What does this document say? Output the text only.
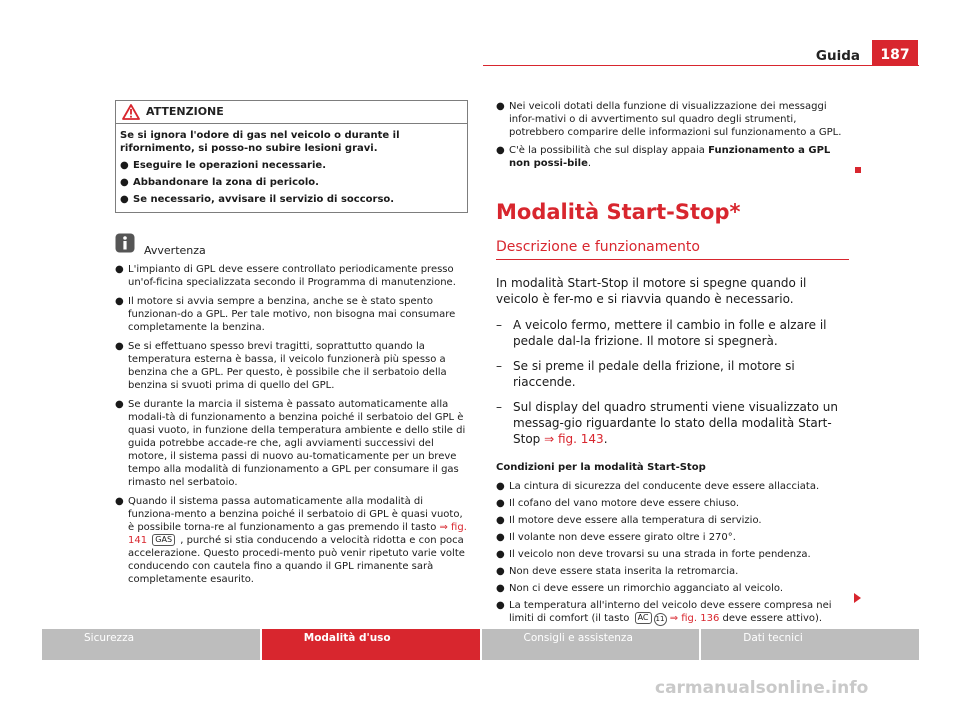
Guida	187
ATTENZIONE

Se si ignora l'odore di gas nel veicolo o durante il rifornimento, si posso-no subire lesioni gravi.

● Eseguire le operazioni necessarie.
● Abbandonare la zona di pericolo.
● Se necessario, avvisare il servizio di soccorso.
Avvertenza
● L'impianto di GPL deve essere controllato periodicamente presso un'of-ficina specializzata secondo il Programma di manutenzione.
● Il motore si avvia sempre a benzina, anche se è stato spento funzionan-do a GPL. Per tale motivo, non bisogna mai consumare completamente la benzina.
● Se si effettuano spesso brevi tragitti, soprattutto quando la temperatura esterna è bassa, il veicolo funzionerà più spesso a benzina che a GPL. Per questo, è possibile che il serbatoio della benzina si svuoti prima di quello del GPL.
● Se durante la marcia il sistema è passato automaticamente alla modali-tà di funzionamento a benzina poiché il serbatoio del GPL è quasi vuoto, in funzione della temperatura ambiente e dello stile di guida potrebbe accade-re che, agli avviamenti successivi del motore, il sistema passi di nuovo au-tomaticamente per un breve tempo alla modalità di funzionamento a GPL per consumare il gas rimasto nel serbatoio.
● Quando il sistema passa automaticamente alla modalità di funziona-mento a benzina poiché il serbatoio di GPL è quasi vuoto, è possibile torna-re al funzionamento a gas premendo il tasto ⇒ fig. 141 GAS , purché si stia conducendo a velocità ridotta e con poca accelerazione. Questo procedi-mento può venir ripetuto varie volte conducendo con cautela fino a quando il GPL rimanente sarà completamente esaurito.
● Nei veicoli dotati della funzione di visualizzazione dei messaggi infor-mativi o di avvertimento sul quadro degli strumenti, potrebbero comparire delle informazioni sul funzionamento a GPL.
● C'è la possibilità che sul display appaia Funzionamento a GPL non possi-bile.
Modalità Start-Stop*
Descrizione e funzionamento

In modalità Start-Stop il motore si spegne quando il veicolo è fer-mo e si riavvia quando è necessario.

– A veicolo fermo, mettere il cambio in folle e alzare il pedale dal-la frizione. Il motore si spegnerà.
– Se si preme il pedale della frizione, il motore si riaccende.
– Sul display del quadro strumenti viene visualizzato un messag-gio riguardante lo stato della modalità Start-Stop ⇒ fig. 143.
Condizioni per la modalità Start-Stop
● La cintura di sicurezza del conducente deve essere allacciata.
● Il cofano del vano motore deve essere chiuso.
● Il motore deve essere alla temperatura di servizio.
● Il volante non deve essere girato oltre i 270°.
● Il veicolo non deve trovarsi su una strada in forte pendenza.
● Non deve essere stata inserita la retromarcia.
● Non ci deve essere un rimorchio agganciato al veicolo.
● La temperatura all'interno del veicolo deve essere compresa nei limiti di comfort (il tasto AC 11 ⇒ fig. 136 deve essere attivo).
Sicurezza	Modalità d'uso	Consigli e assistenza	Dati tecnici
carmanualsonline.info
